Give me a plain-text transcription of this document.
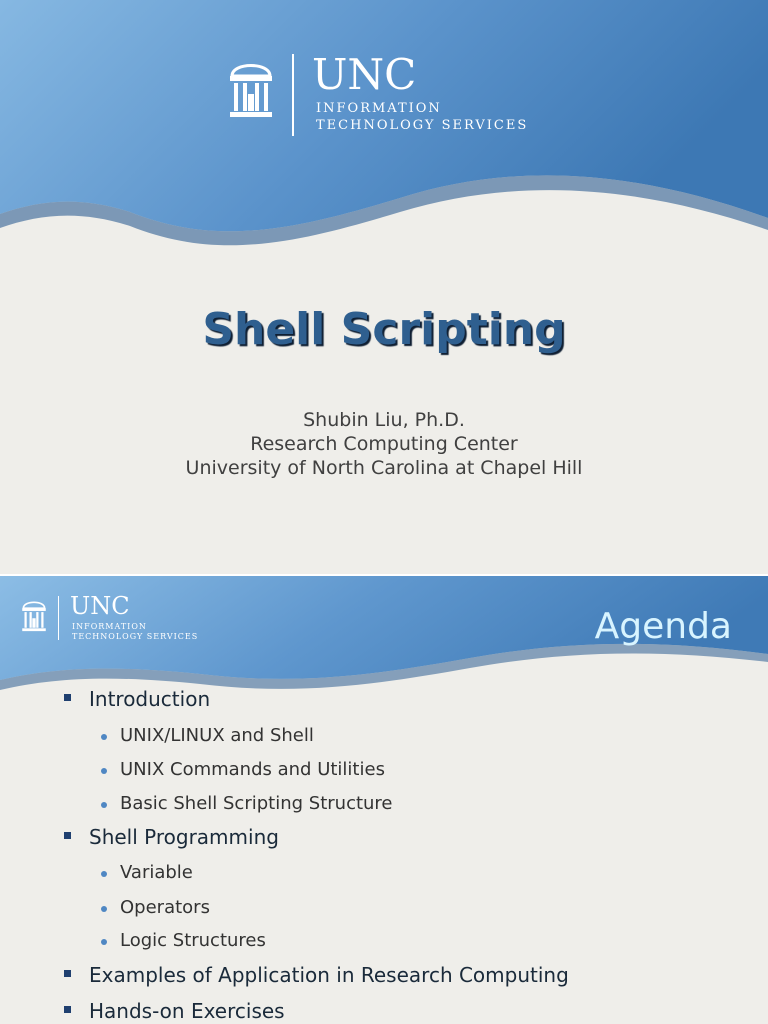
UNC
INFORMATION
TECHNOLOGY SERVICES
Shell Scripting
Shubin Liu, Ph.D.
Research Computing Center
University of North Carolina at Chapel Hill
UNC
INFORMATION
TECHNOLOGY SERVICES	Agenda
Introduction
UNIX/LINUX and Shell
UNIX Commands and Utilities
Basic Shell Scripting Structure
Shell Programming
Variable
Operators
Logic Structures
Examples of Application in Research Computing
Hands-on Exercises
